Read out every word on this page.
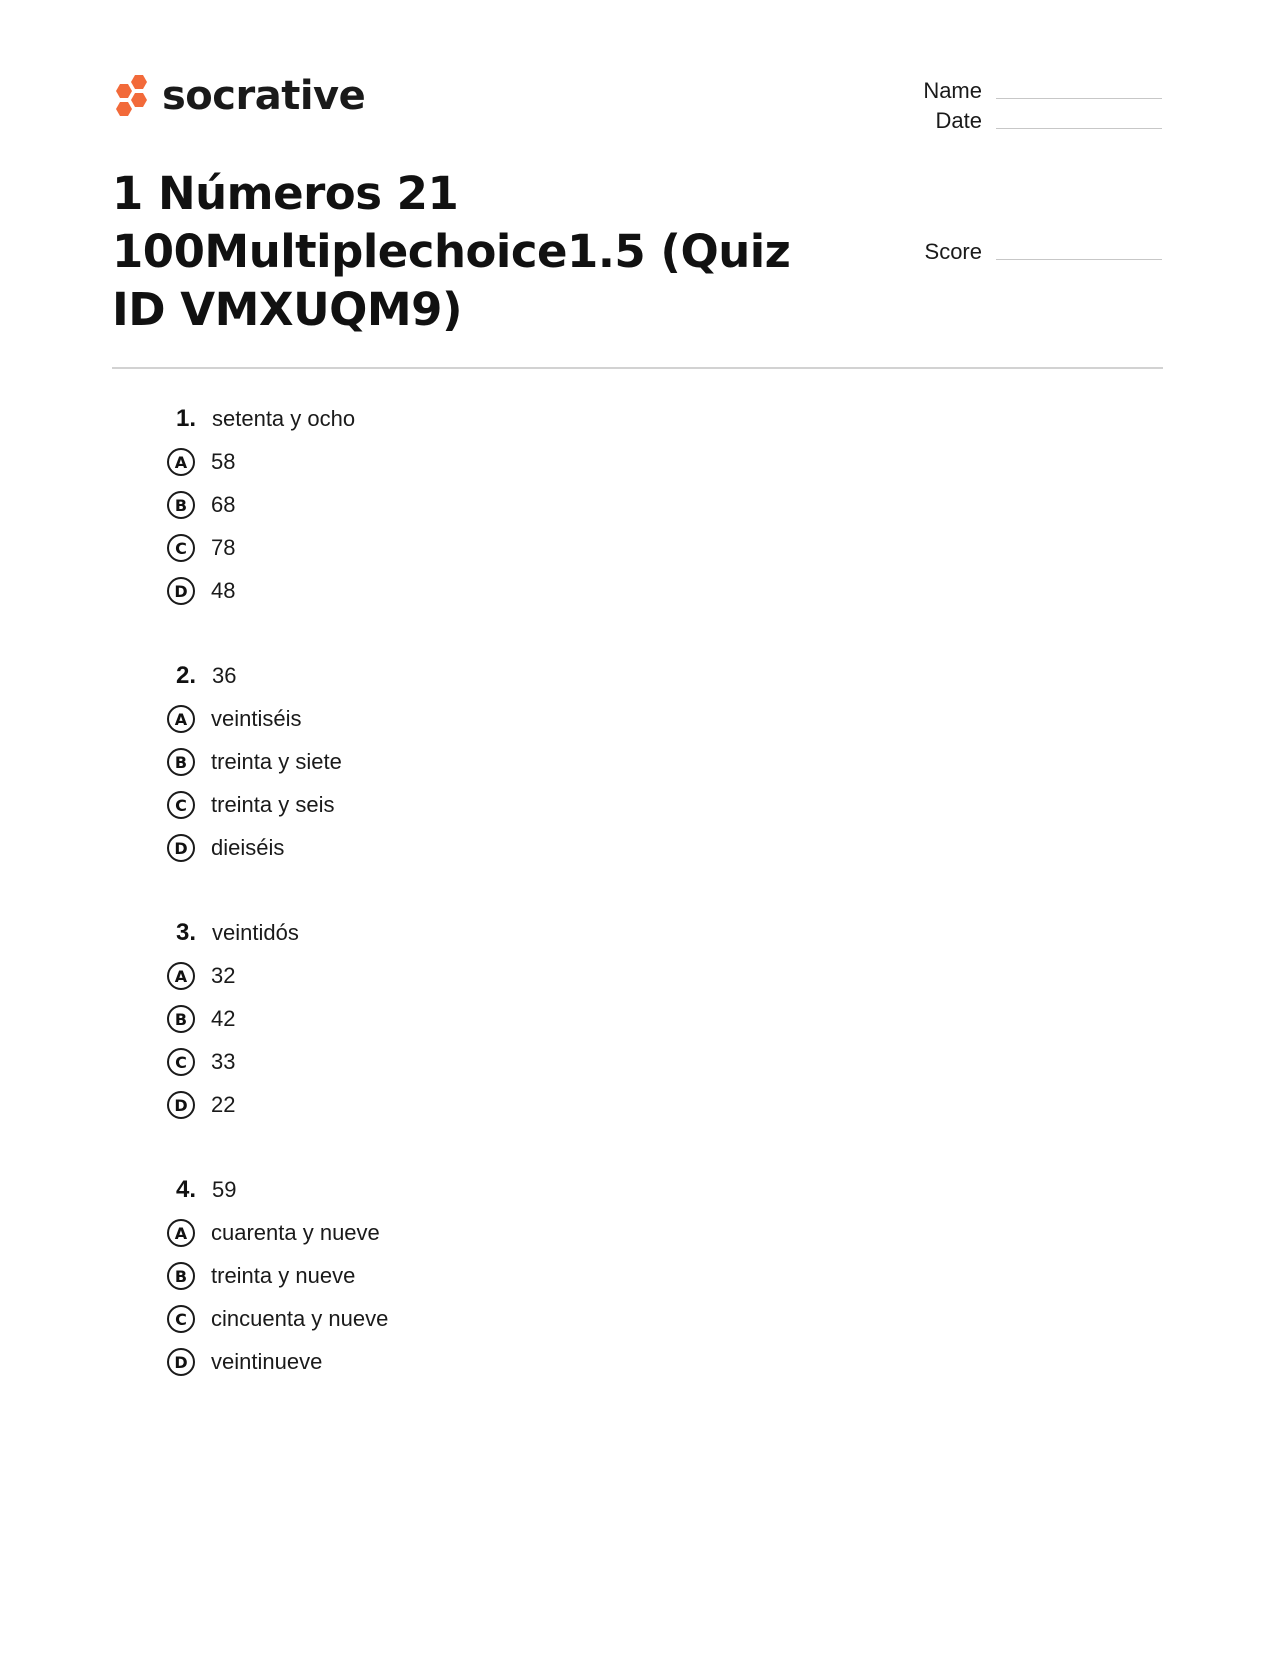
socrative	Name
Date
Score
1 Números 21 100Multiplechoice1.5 (Quiz ID VMXUQM9)
1. setenta y ocho
A	58
B	68
C	78
D	48
2. 36
A	veintiséis
B	treinta y siete
C	treinta y seis
D	dieiséis
3. veintidós
A	32
B	42
C	33
D	22
4. 59
A	cuarenta y nueve
B	treinta y nueve
C	cincuenta y nueve
D	veintinueve
